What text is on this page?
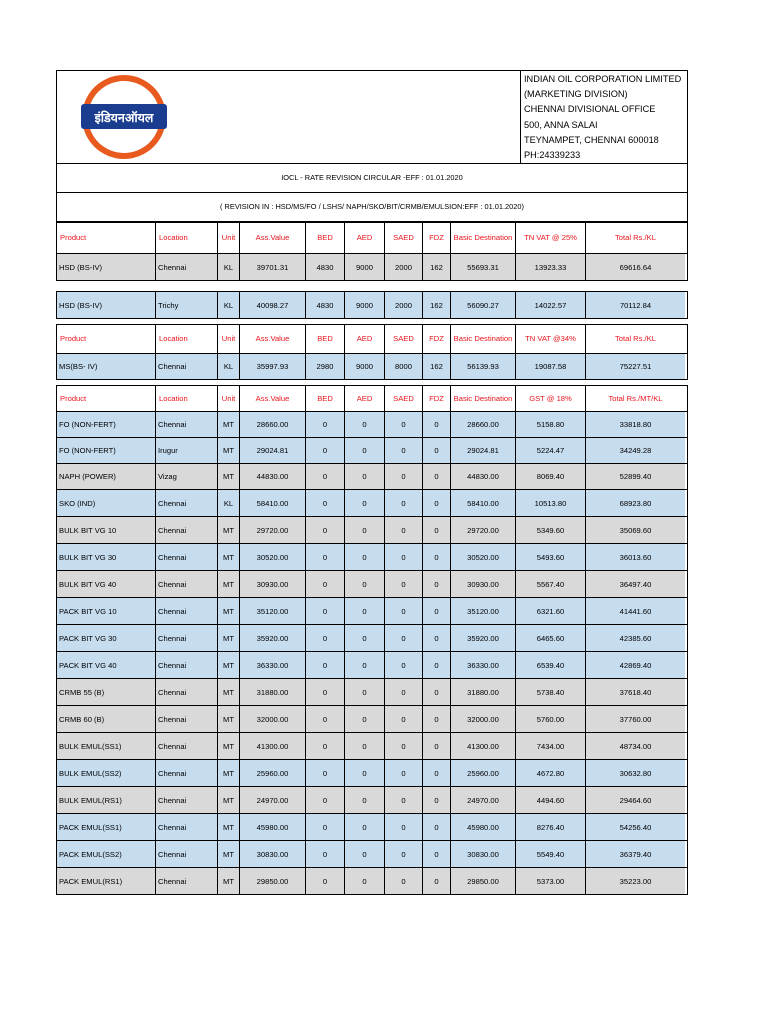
इंडियनऑयल
INDIAN OIL CORPORATION LIMITED
(MARKETING DIVISION)
CHENNAI DIVISIONAL OFFICE
500, ANNA SALAI
TEYNAMPET, CHENNAI 600018
PH:24339233
IOCL - RATE REVISION CIRCULAR -EFF : 01.01.2020
( REVISION IN : HSD/MS/FO / LSHS/ NAPH/SKO/BIT/CRMB/EMULSION:EFF : 01.01.2020)
Product	Location	Unit	Ass.Value	BED	AED	SAED	FDZ	Basic Destination	TN VAT @ 25%	Total Rs./KL
HSD (BS-IV)	Chennai	KL	39701.31	4830	9000	2000	162	55693.31	13923.33	69616.64
HSD (BS-IV)	Trichy	KL	40098.27	4830	9000	2000	162	56090.27	14022.57	70112.84
Product	Location	Unit	Ass.Value	BED	AED	SAED	FDZ	Basic Destination	TN VAT @34%	Total Rs./KL
MS(BS- IV)	Chennai	KL	35997.93	2980	9000	8000	162	56139.93	19087.58	75227.51
Product	Location	Unit	Ass.Value	BED	AED	SAED	FDZ	Basic Destination	GST @ 18%	Total Rs./MT/KL
FO (NON-FERT)	Chennai	MT	28660.00	0	0	0	0	28660.00	5158.80	33818.80
FO (NON-FERT)	Irugur	MT	29024.81	0	0	0	0	29024.81	5224.47	34249.28
NAPH (POWER)	Vizag	MT	44830.00	0	0	0	0	44830.00	8069.40	52899.40
SKO (IND)	Chennai	KL	58410.00	0	0	0	0	58410.00	10513.80	68923.80
BULK BIT VG 10	Chennai	MT	29720.00	0	0	0	0	29720.00	5349.60	35069.60
BULK BIT VG 30	Chennai	MT	30520.00	0	0	0	0	30520.00	5493.60	36013.60
BULK BIT VG 40	Chennai	MT	30930.00	0	0	0	0	30930.00	5567.40	36497.40
PACK BIT VG 10	Chennai	MT	35120.00	0	0	0	0	35120.00	6321.60	41441.60
PACK BIT VG 30	Chennai	MT	35920.00	0	0	0	0	35920.00	6465.60	42385.60
PACK BIT VG 40	Chennai	MT	36330.00	0	0	0	0	36330.00	6539.40	42869.40
CRMB 55 (B)	Chennai	MT	31880.00	0	0	0	0	31880.00	5738.40	37618.40
CRMB 60 (B)	Chennai	MT	32000.00	0	0	0	0	32000.00	5760.00	37760.00
BULK EMUL(SS1)	Chennai	MT	41300.00	0	0	0	0	41300.00	7434.00	48734.00
BULK EMUL(SS2)	Chennai	MT	25960.00	0	0	0	0	25960.00	4672.80	30632.80
BULK EMUL(RS1)	Chennai	MT	24970.00	0	0	0	0	24970.00	4494.60	29464.60
PACK EMUL(SS1)	Chennai	MT	45980.00	0	0	0	0	45980.00	8276.40	54256.40
PACK EMUL(SS2)	Chennai	MT	30830.00	0	0	0	0	30830.00	5549.40	36379.40
PACK EMUL(RS1)	Chennai	MT	29850.00	0	0	0	0	29850.00	5373.00	35223.00
